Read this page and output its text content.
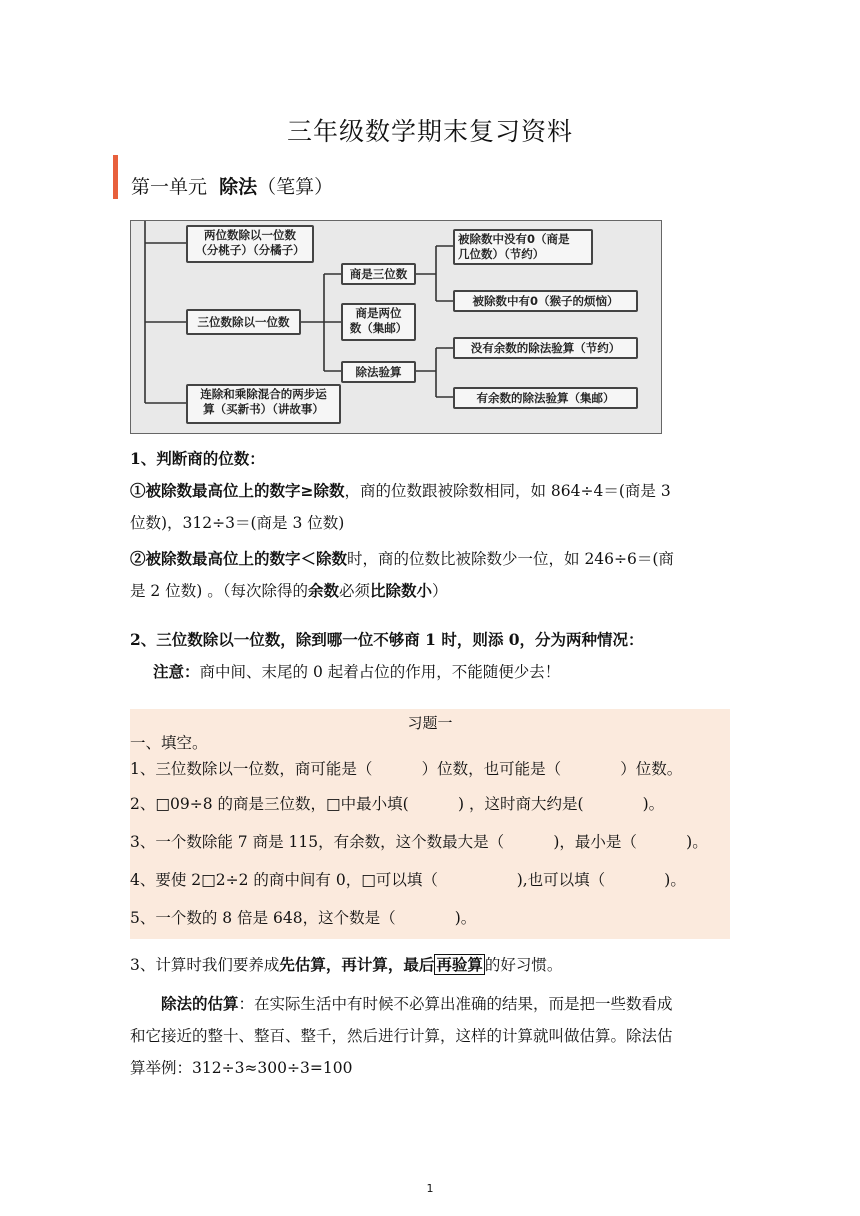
三年级数学期末复习资料
第一单元 除法（笔算）
两位数除以一位数
（分桃子）（分橘子）
三位数除以一位数
连除和乘除混合的两步运
算（买新书）（讲故事）
商是三位数
商是两位
数（集邮）
除法验算
被除数中没有0（商是
几位数）（节约）
被除数中有0（猴子的烦恼）
没有余数的除法验算（节约）
有余数的除法验算（集邮）
1、判断商的位数：
①被除数最高位上的数字≥除数，商的位数跟被除数相同，如 864÷4＝(商是 3
位数)，312÷3＝(商是 3 位数)
②被除数最高位上的数字＜除数时，商的位数比被除数少一位，如 246÷6＝(商
是 2 位数) 。（每次除得的余数必须比除数小）
2、三位数除以一位数，除到哪一位不够商 1 时，则添 0，分为两种情况：
注意：商中间、末尾的 0 起着占位的作用，不能随便少去！
习题一
一、填空。
1、三位数除以一位数，商可能是（          ）位数，也可能是（            ）位数。
2、□09÷8 的商是三位数，□中最小填(          ) ，这时商大约是(            )。
3、一个数除能 7 商是 115，有余数，这个数最大是（          )，最小是（          )。
4、要使 2□2÷2 的商中间有 0，□可以填（                ),也可以填（            )。
5、一个数的 8 倍是 648，这个数是（            )。
3、计算时我们要养成先估算，再计算，最后 再验算 的好习惯。
除法的估算：在实际生活中有时候不必算出准确的结果，而是把一些数看成
和它接近的整十、整百、整千，然后进行计算，这样的计算就叫做估算。除法估
算举例：312÷3≈300÷3=100
1
